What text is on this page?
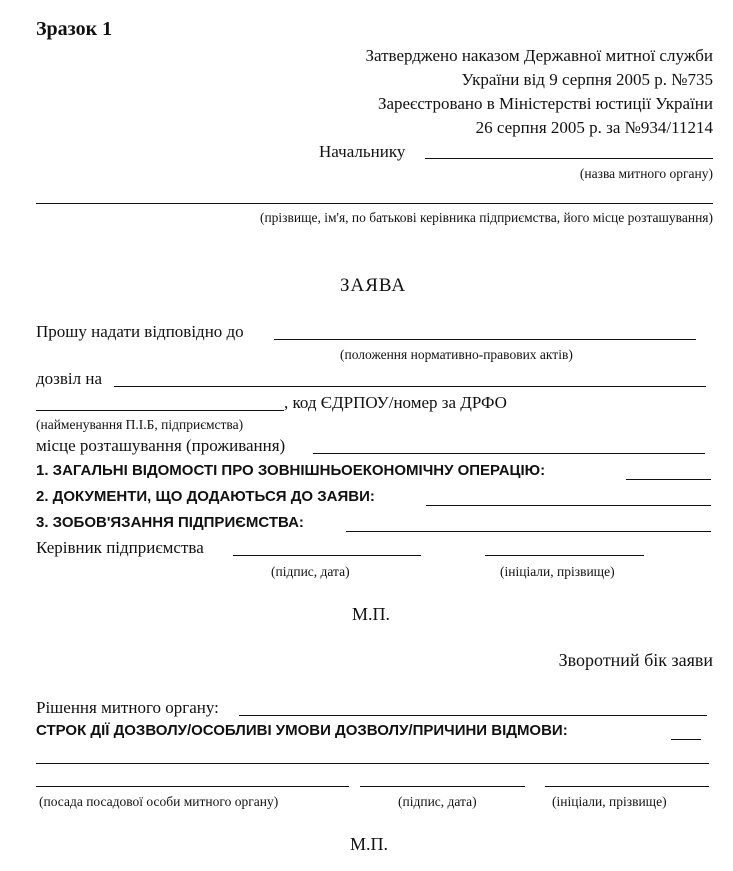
Зразок 1
Затверджено наказом Державної митної служби
України від 9 серпня 2005 р. №735
Зареєстровано в Міністерстві юстиції України
26 серпня 2005 р. за №934/11214
Начальнику
(назва митного органу)
(прізвище, ім'я, по батькові керівника підприємства, його місце розташування)
ЗАЯВА
Прошу надати відповідно до
(положення нормативно-правових актів)
дозвіл на
, код ЄДРПОУ/номер за ДРФО
(найменування П.І.Б, підприємства)
місце розташування (проживання)
1. ЗАГАЛЬНІ ВІДОМОСТІ ПРО ЗОВНІШНЬОЕКОНОМІЧНУ ОПЕРАЦІЮ:
2. ДОКУМЕНТИ, ЩО ДОДАЮТЬСЯ ДО ЗАЯВИ:
3. ЗОБОВ'ЯЗАННЯ ПІДПРИЄМСТВА:
Керівник підприємства
(підпис, дата)	(ініціали, прізвище)
М.П.
Зворотний бік заяви
Рішення митного органу:
СТРОК ДІЇ ДОЗВОЛУ/ОСОБЛИВІ УМОВИ ДОЗВОЛУ/ПРИЧИНИ ВІДМОВИ:
(посада посадової особи митного органу)	(підпис, дата)	(ініціали, прізвище)
М.П.
